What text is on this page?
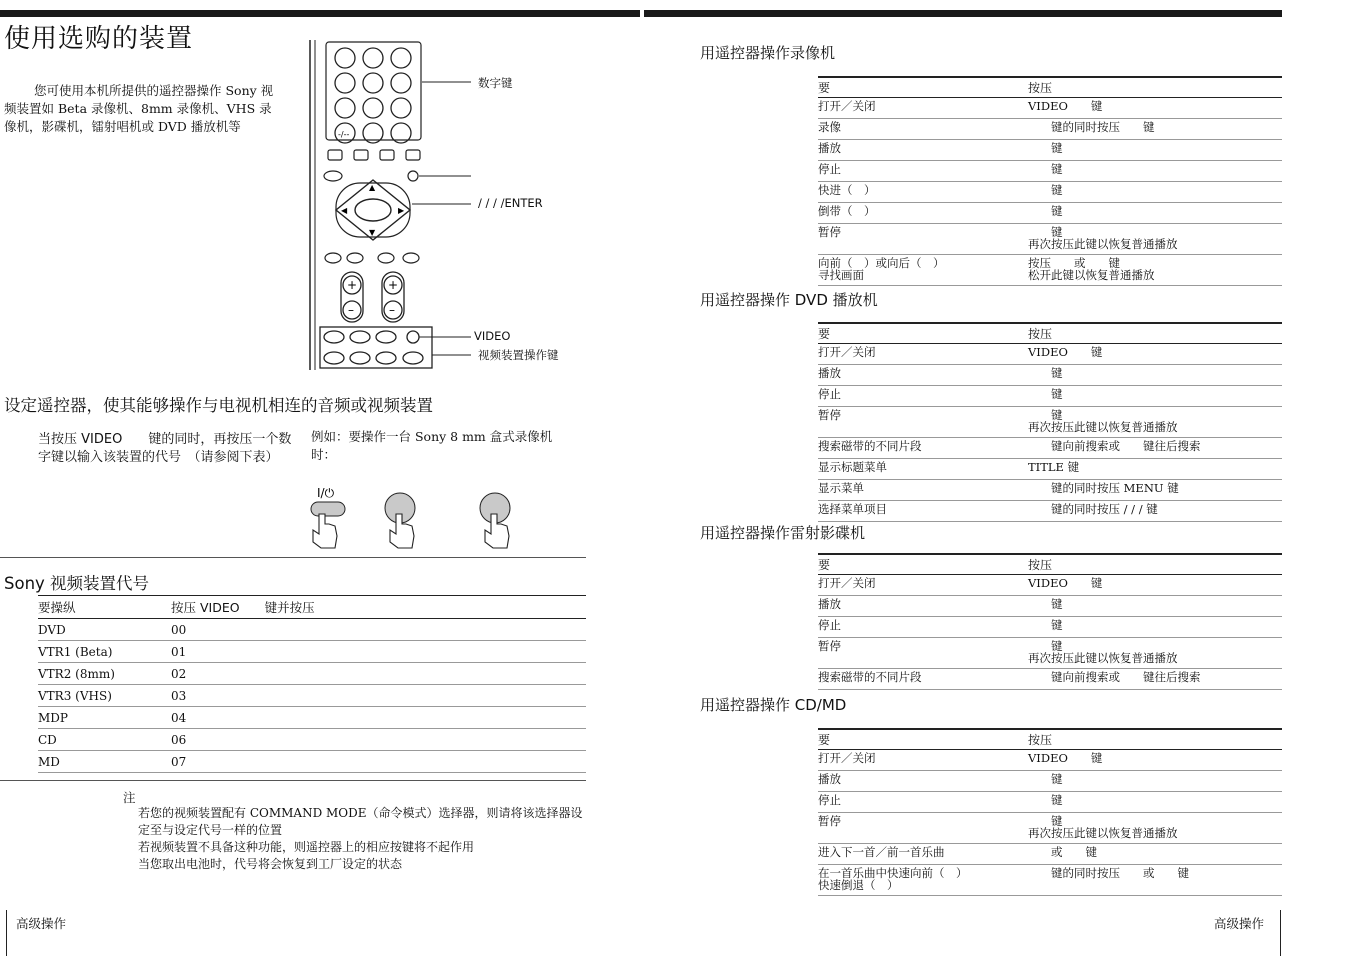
使用选购的装置
您可使用本机所提供的遥控器操作 Sony 视频装置如 Beta 录像机、8mm 录像机、VHS 录像机，影碟机，镭射唱机或 DVD 播放机等
-/--
▲
▼
◀	▶
+
–
+
–
数字键
/ / / /ENTER
VIDEO
视频装置操作键
设定遥控器，使其能够操作与电视机相连的音频或视频装置
当按压 VIDEO　　键的同时，再按压一个数字键以输入该装置的代号　（请参阅下表）
例如：要操作一台 Sony 8 mm 盒式录像机时：
I/⏻
Sony 视频装置代号
要操纵	按压 VIDEO　　键并按压
DVD	00
VTR1 (Beta)	01
VTR2 (8mm)	02
VTR3 (VHS)	03
MDP	04
CD	06
MD	07
注
若您的视频装置配有 COMMAND MODE（命令模式）选择器，则请将该选择器设定至与设定代号一样的位置
若视频装置不具备这种功能，则遥控器上的相应按键将不起作用
当您取出电池时，代号将会恢复到工厂设定的状态
高级操作	高级操作
用遥控器操作录像机
要	按压
打开／关闭	VIDEO　　键
录像	　　键的同时按压　　键
播放	　　键
停止	　　键
快进（　）	　　键
倒带（　）	　　键
暂停	　　键
再次按压此键以恢复普通播放
向前（　）或向后（　）
寻找画面	按压　　或　　键
松开此键以恢复普通播放
用遥控器操作 DVD 播放机
要	按压
打开／关闭	VIDEO　　键
播放	　　键
停止	　　键
暂停	　　键
再次按压此键以恢复普通播放
搜索磁带的不同片段	　　键向前搜索或　　键往后搜索
显示标题菜单	TITLE 键
显示菜单	　　键的同时按压 MENU 键
选择菜单项目	　　键的同时按压 / / / 键
用遥控器操作雷射影碟机
要	按压
打开／关闭	VIDEO　　键
播放	　　键
停止	　　键
暂停	　　键
再次按压此键以恢复普通播放
搜索磁带的不同片段	　　键向前搜索或　　键往后搜索
用遥控器操作 CD/MD
要	按压
打开／关闭	VIDEO　　键
播放	　　键
停止	　　键
暂停	　　键
再次按压此键以恢复普通播放
进入下一首／前一首乐曲	　　或　　键
在一首乐曲中快速向前（　）
快速倒退（　）	　　键的同时按压　　或　　键
